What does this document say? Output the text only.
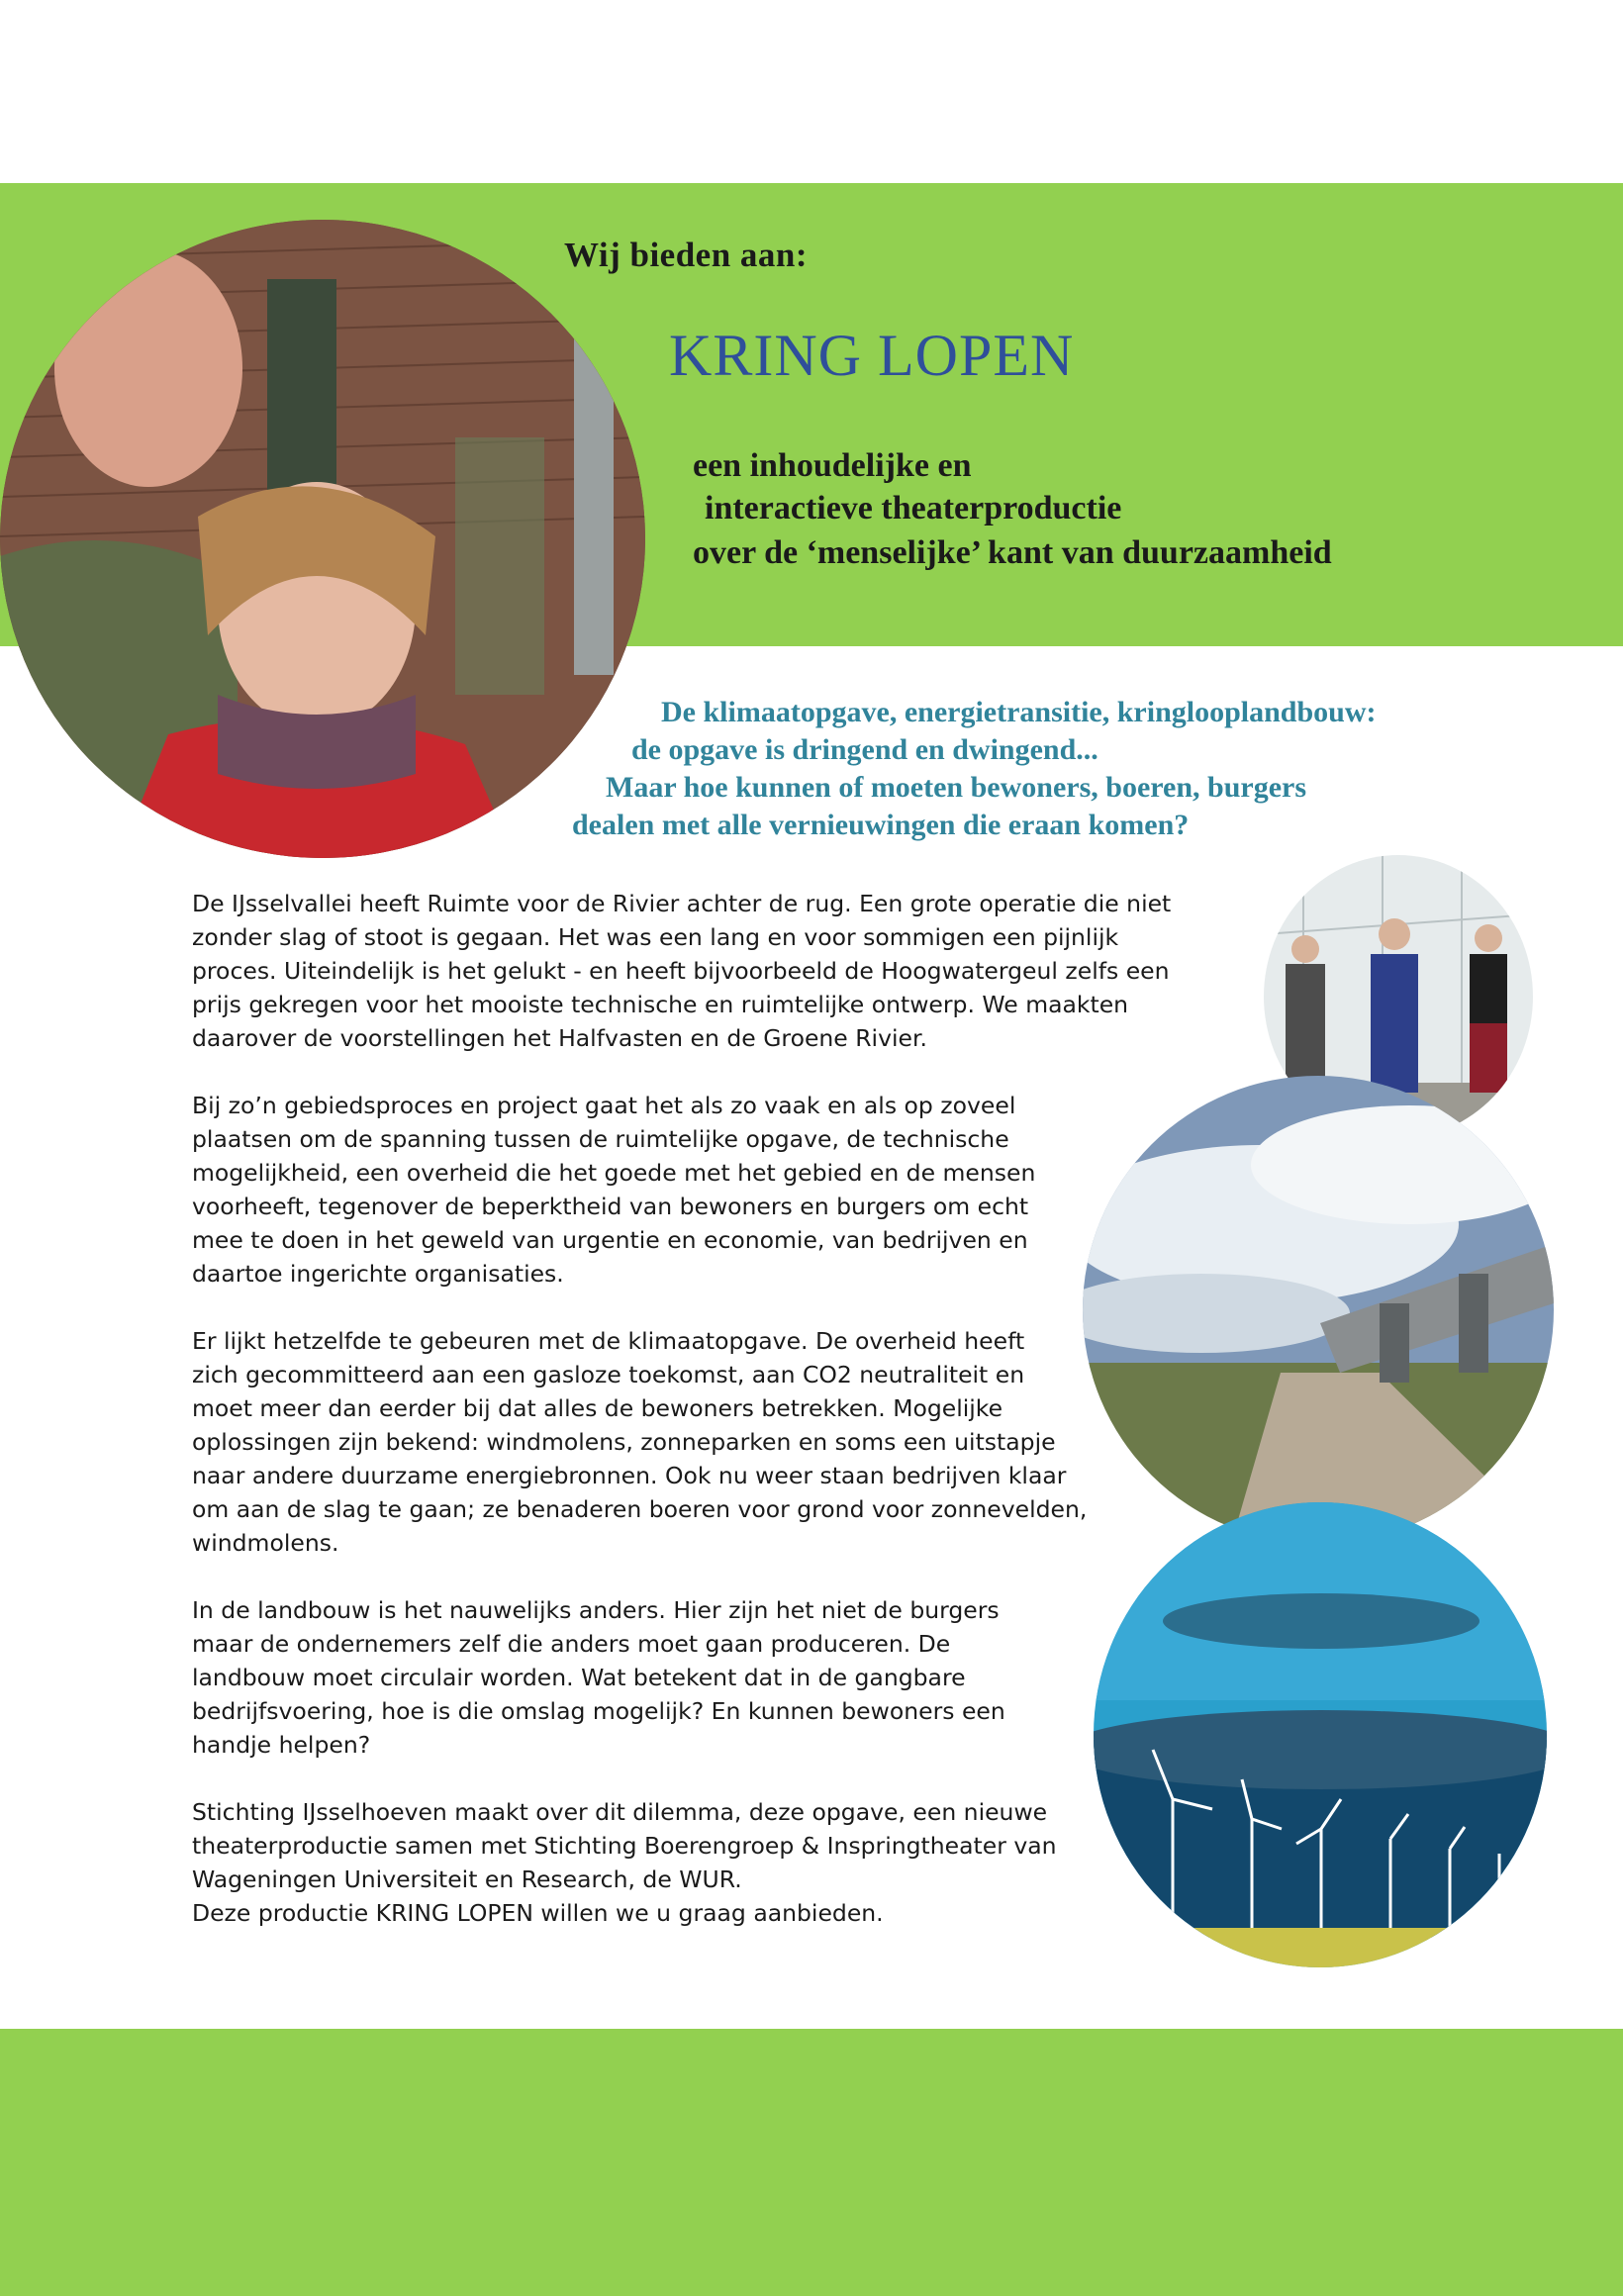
Wij bieden aan:
KRING LOPEN
een inhoudelijke en
interactieve theaterproductie
over de ‘menselijke’ kant van duurzaamheid
De klimaatopgave, energietransitie, kringlooplandbouw:
de opgave is dringend en dwingend...
Maar hoe kunnen of moeten bewoners, boeren, burgers
dealen met alle vernieuwingen die eraan komen?

De IJsselvallei heeft Ruimte voor de Rivier achter de rug. Een grote operatie die niet
zonder slag of stoot is gegaan. Het was een lang en voor sommigen een pijnlijk
proces. Uiteindelijk is het gelukt - en heeft bijvoorbeeld de Hoogwatergeul zelfs een
prijs gekregen voor het mooiste technische en ruimtelijke ontwerp. We maakten
daarover de voorstellingen het Halfvasten en de Groene Rivier.

Bij zo’n gebiedsproces en project gaat het als zo vaak en als op zoveel
plaatsen om de spanning tussen de ruimtelijke opgave, de technische
mogelijkheid, een overheid die het goede met het gebied en de mensen
voorheeft, tegenover de beperktheid van bewoners en burgers om echt
mee te doen in het geweld van urgentie en economie, van bedrijven en
daartoe ingerichte organisaties.

Er lijkt hetzelfde te gebeuren met de klimaatopgave. De overheid heeft
zich gecommitteerd aan een gasloze toekomst, aan CO2 neutraliteit en
moet meer dan eerder bij dat alles de bewoners betrekken. Mogelijke
oplossingen zijn bekend: windmolens, zonneparken en soms een uitstapje
naar andere duurzame energiebronnen. Ook nu weer staan bedrijven klaar
om aan de slag te gaan; ze benaderen boeren voor grond voor zonnevelden,
windmolens.

In de landbouw is het nauwelijks anders. Hier zijn het niet de burgers
maar de ondernemers zelf die anders moet gaan produceren. De
landbouw moet circulair worden. Wat betekent dat in de gangbare
bedrijfsvoering, hoe is die omslag mogelijk? En kunnen bewoners een
handje helpen?

Stichting IJsselhoeven maakt over dit dilemma, deze opgave, een nieuwe
theaterproductie samen met Stichting Boerengroep & Inspringtheater van
Wageningen Universiteit en Research, de WUR.
Deze productie KRING LOPEN willen we u graag aanbieden.
